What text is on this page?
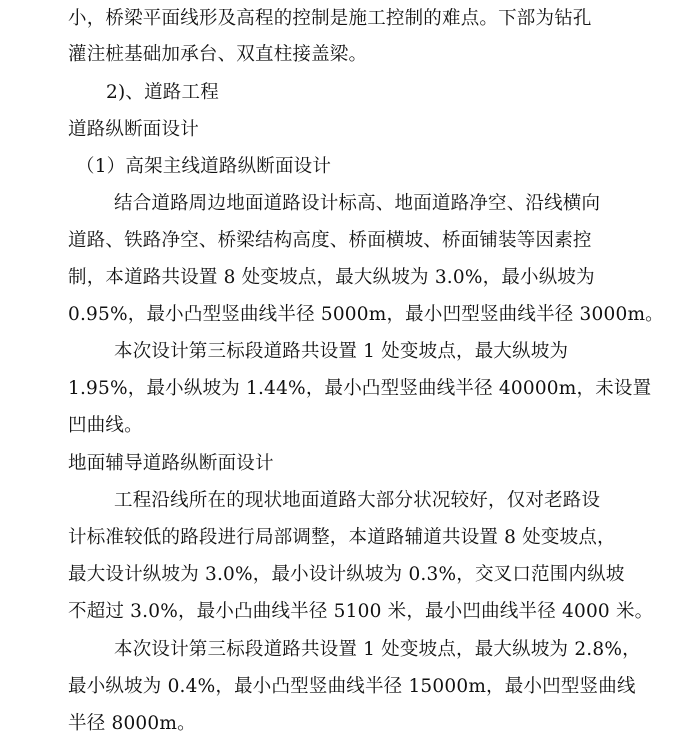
小，桥梁平面线形及高程的控制是施工控制的难点。下部为钻孔
灌注桩基础加承台、双直柱接盖梁。
2)、道路工程
道路纵断面设计
（1）高架主线道路纵断面设计
结合道路周边地面道路设计标高、地面道路净空、沿线横向
道路、铁路净空、桥梁结构高度、桥面横坡、桥面铺装等因素控
制，本道路共设置 8 处变坡点，最大纵坡为 3.0%，最小纵坡为
0.95%，最小凸型竖曲线半径 5000m，最小凹型竖曲线半径 3000m。
本次设计第三标段道路共设置 1 处变坡点，最大纵坡为
1.95%，最小纵坡为 1.44%，最小凸型竖曲线半径 40000m，未设置
凹曲线。
地面辅导道路纵断面设计
工程沿线所在的现状地面道路大部分状况较好，仅对老路设
计标准较低的路段进行局部调整，本道路辅道共设置 8 处变坡点，
最大设计纵坡为 3.0%，最小设计纵坡为 0.3%，交叉口范围内纵坡
不超过 3.0%，最小凸曲线半径 5100 米，最小凹曲线半径 4000 米。
本次设计第三标段道路共设置 1 处变坡点，最大纵坡为 2.8%，
最小纵坡为 0.4%，最小凸型竖曲线半径 15000m，最小凹型竖曲线
半径 8000m。
